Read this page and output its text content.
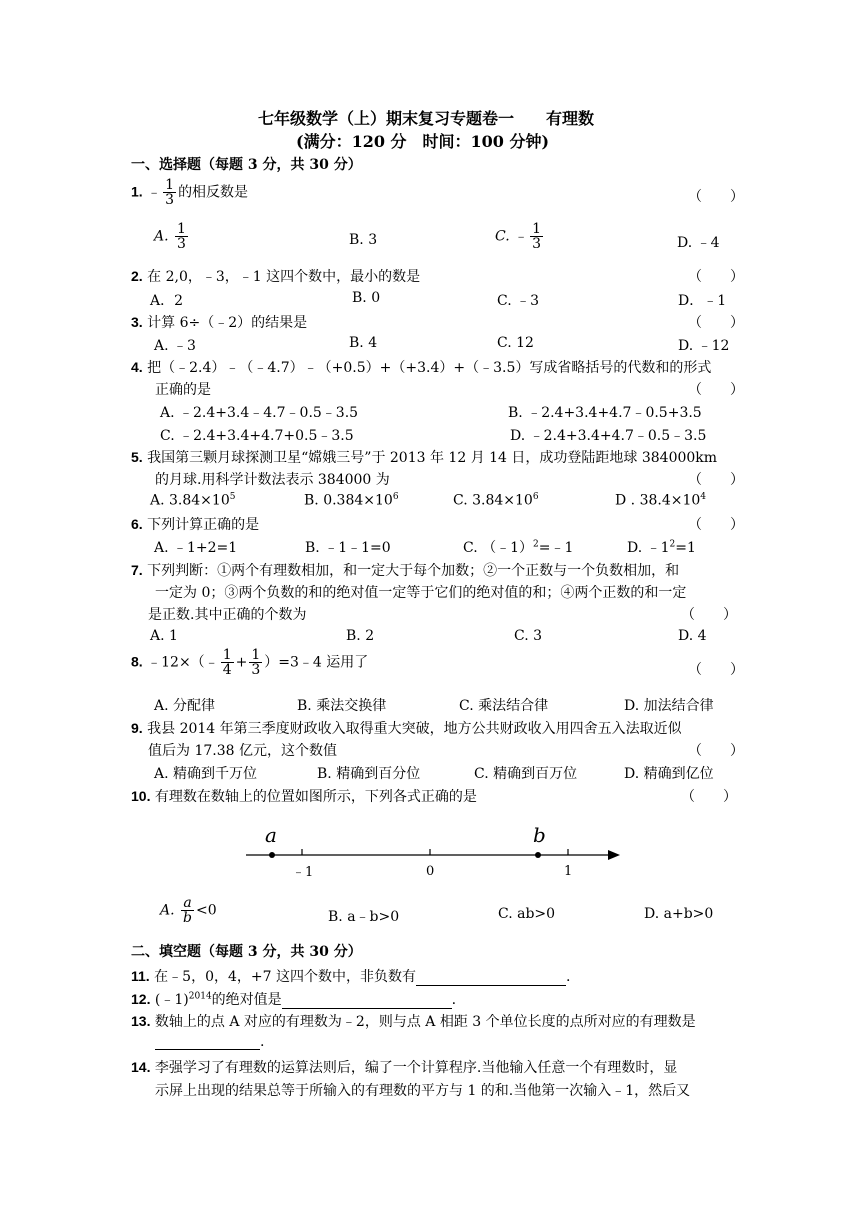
七年级数学（上）期末复习专题卷一　　有理数
(满分：120 分　时间：100 分钟)
一、选择题（每题 3 分，共 30 分）
1. ﹣ $\frac{1}{3}$ 的相反数是	（　　）
A. $\frac{1}{3}$	B. 3	C. ﹣ $\frac{1}{3}$	D. ﹣4
2. 在 2,0，﹣3，﹣1 这四个数中，最小的数是	（　　）
A．2	B. 0	C. ﹣3	D．﹣1
3. 计算 6÷（﹣2）的结果是	（　　）
A. ﹣3	B. 4	C. 12	D. ﹣12
4. 把（﹣2.4）﹣（﹣4.7）﹣（+0.5）+（+3.4）+（﹣3.5）写成省略括号的代数和的形式
正确的是	（　　）
A. ﹣2.4+3.4﹣4.7﹣0.5﹣3.5	B. ﹣2.4+3.4+4.7﹣0.5+3.5
C. ﹣2.4+3.4+4.7+0.5﹣3.5	D. ﹣2.4+3.4+4.7﹣0.5﹣3.5
5. 我国第三颗月球探测卫星“嫦娥三号”于 2013 年 12 月 14 日，成功登陆距地球 384000km
的月球.用科学计数法表示 384000 为	（　　）
A. $3.84\times 10^5$	B. $0.384\times 10^6$	C. $3.84\times 10^6$	D . $38.4\times 10^4$
6. 下列计算正确的是	（　　）
A. ﹣1+2=1	B. ﹣1﹣1=0	C. （﹣1）$^2$=﹣1	D. $﹣1^2=1$
7. 下列判断：①两个有理数相加，和一定大于每个加数；②一个正数与一个负数相加，和
一定为 0；③两个负数的和的绝对值一定等于它们的绝对值的和；④两个正数的和一定
是正数.其中正确的个数为	（　　）
A. 1	B. 2	C. 3	D. 4
8. ﹣12×（﹣ $\frac{1}{4} + \frac{1}{3}$ ）=3﹣4 运用了	（　　）
A. 分配律	B. 乘法交换律	C. 乘法结合律	D. 加法结合律
9. 我县 2014 年第三季度财政收入取得重大突破，地方公共财政收入用四舍五入法取近似
值后为 17.38 亿元，这个数值	（　　）
A. 精确到千万位	B. 精确到百分位	C. 精确到百万位	D. 精确到亿位
10. 有理数在数轴上的位置如图所示，下列各式正确的是	（　　）
a	b
﹣1	0	1
A. $\frac{a}{b} <0$	B. a﹣b>0	C. ab>0	D. a+b>0
二、填空题（每题 3 分，共 30 分）
11. 在﹣5，0，4，+7 这四个数中，非负数有	.
12. (﹣1)$^{2014}$的绝对值是	.
13. 数轴上的点 A 对应的有理数为﹣2，则与点 A 相距 3 个单位长度的点所对应的有理数是
.
14. 李强学习了有理数的运算法则后，编了一个计算程序.当他输入任意一个有理数时，显
示屏上出现的结果总等于所输入的有理数的平方与 1 的和.当他第一次输入﹣1，然后又
